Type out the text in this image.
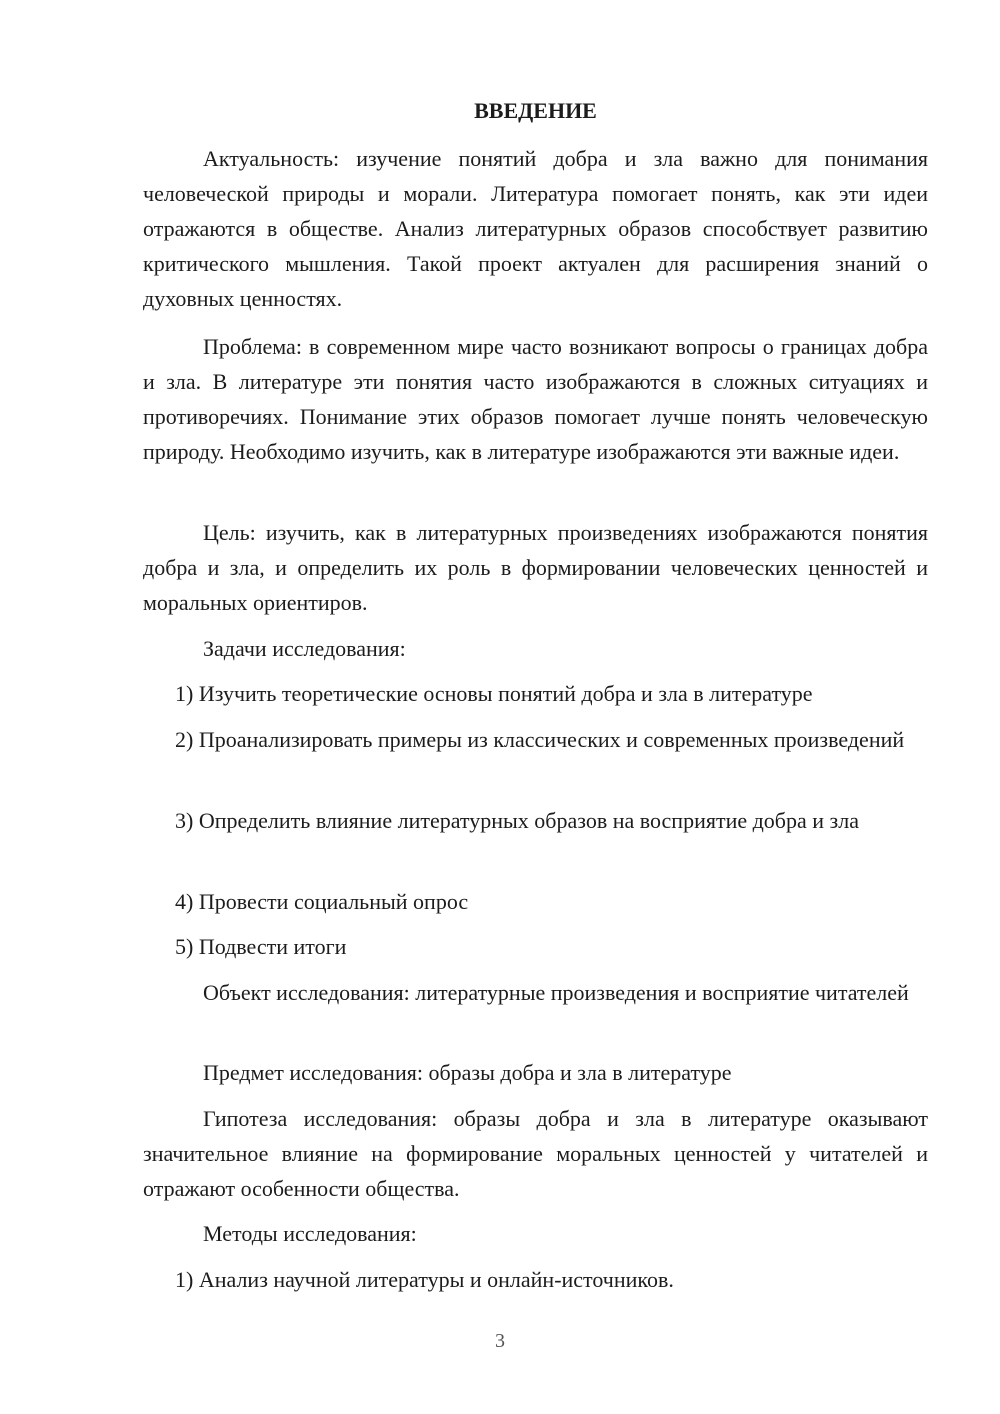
ВВЕДЕНИЕ

Актуальность: изучение понятий добра и зла важно для понимания человеческой природы и морали. Литература помогает понять, как эти идеи отражаются в обществе. Анализ литературных образов способствует развитию критического мышления. Такой проект актуален для расширения знаний о духовных ценностях.

Проблема: в современном мире часто возникают вопросы о границах добра и зла. В литературе эти понятия часто изображаются в сложных ситуациях и противоречиях. Понимание этих образов помогает лучше понять человеческую природу. Необходимо изучить, как в литературе изображаются эти важные идеи.

Цель: изучить, как в литературных произведениях изображаются понятия добра и зла, и определить их роль в формировании человеческих ценностей и моральных ориентиров.

Задачи исследования:

1) Изучить теоретические основы понятий добра и зла в литературе

2) Проанализировать примеры из классических и современных произведений

3) Определить влияние литературных образов на восприятие добра и зла

4) Провести социальный опрос

5) Подвести итоги

Объект исследования: литературные произведения и восприятие читателей

Предмет исследования: образы добра и зла в литературе

Гипотеза исследования: образы добра и зла в литературе оказывают значительное влияние на формирование моральных ценностей у читателей и отражают особенности общества.

Методы исследования:

1) Анализ научной литературы и онлайн-источников.

3
